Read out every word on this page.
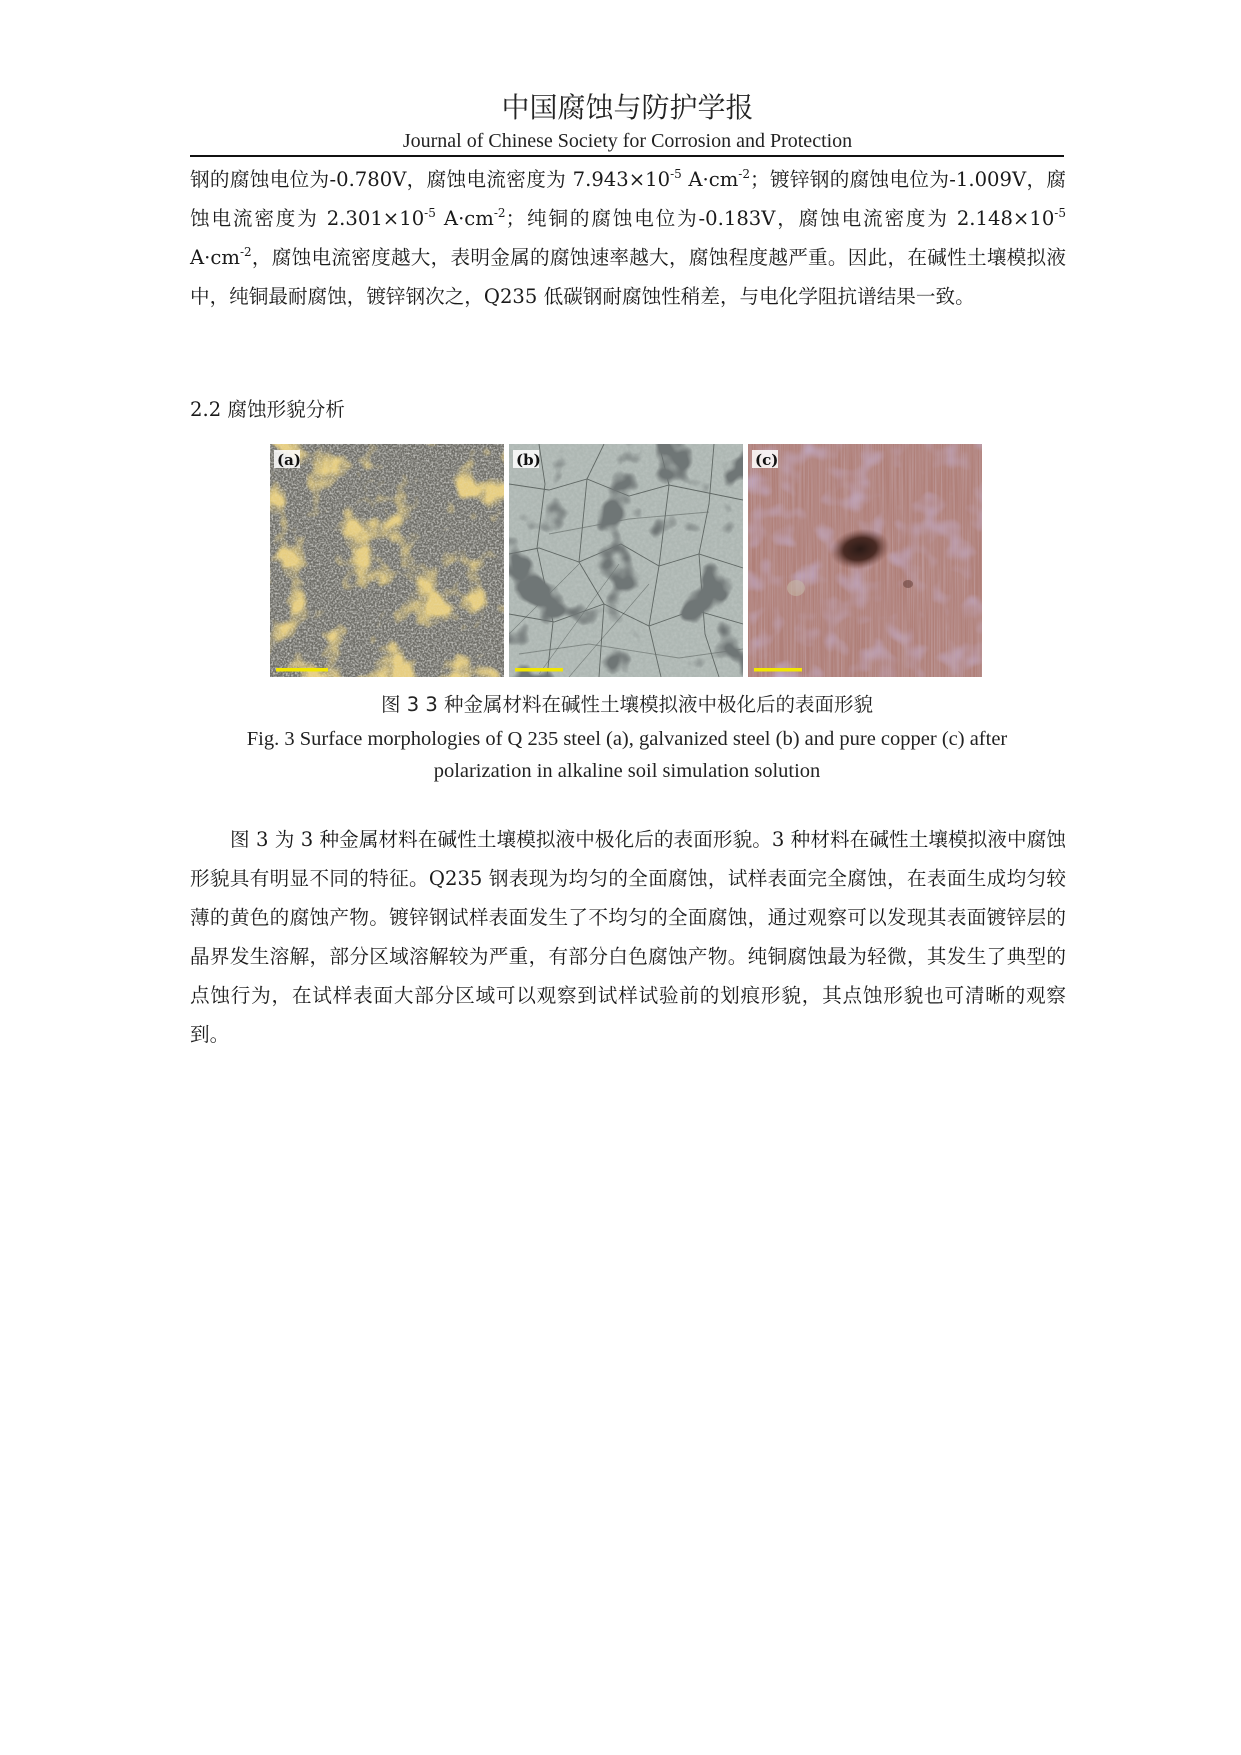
中国腐蚀与防护学报
Journal of Chinese Society for Corrosion and Protection
钢的腐蚀电位为-0.780V，腐蚀电流密度为 $7.943\times 10^{-5}$ $A\cdot cm^{-2}$；镀锌钢的腐蚀电位为-1.009V，腐蚀电流密度为 $2.301\times 10^{-5}$ $A\cdot cm^{-2}$；纯铜的腐蚀电位为-0.183V，腐蚀电流密度为 $2.148\times 10^{-5}$ $A\cdot cm^{-2}$，腐蚀电流密度越大，表明金属的腐蚀速率越大，腐蚀程度越严重。因此，在碱性土壤模拟液中，纯铜最耐腐蚀，镀锌钢次之，Q235 低碳钢耐腐蚀性稍差，与电化学阻抗谱结果一致。
2.2 腐蚀形貌分析
(a)	(b)	(c)
图 3 3 种金属材料在碱性土壤模拟液中极化后的表面形貌
Fig. 3 Surface morphologies of Q 235 steel (a), galvanized steel (b) and pure copper (c) after
polarization in alkaline soil simulation solution
图 3 为 3 种金属材料在碱性土壤模拟液中极化后的表面形貌。3 种材料在碱性土壤模拟液中腐蚀形貌具有明显不同的特征。Q235 钢表现为均匀的全面腐蚀，试样表面完全腐蚀，在表面生成均匀较薄的黄色的腐蚀产物。镀锌钢试样表面发生了不均匀的全面腐蚀，通过观察可以发现其表面镀锌层的晶界发生溶解，部分区域溶解较为严重，有部分白色腐蚀产物。纯铜腐蚀最为轻微，其发生了典型的点蚀行为，在试样表面大部分区域可以观察到试样试验前的划痕形貌，其点蚀形貌也可清晰的观察到。
